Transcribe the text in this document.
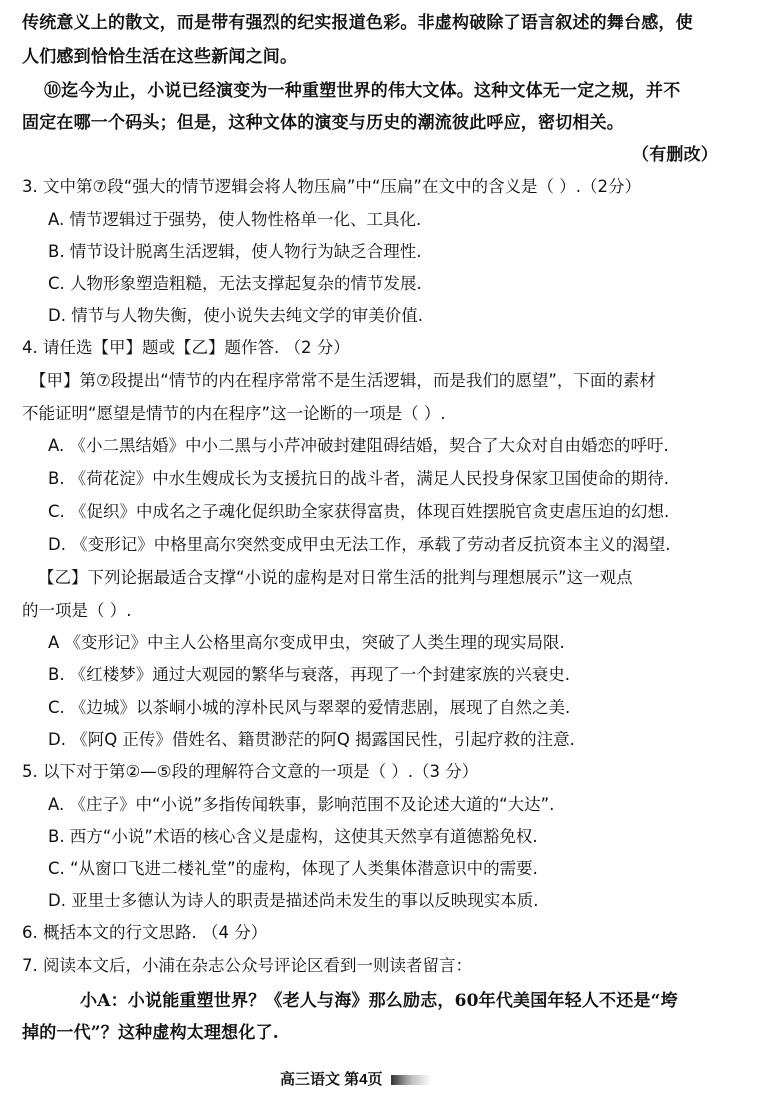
传统意义上的散文，而是带有强烈的纪实报道色彩。非虚构破除了语言叙述的舞台感，使
人们感到恰恰生活在这些新闻之间。
⑩迄今为止，小说已经演变为一种重塑世界的伟大文体。这种文体无一定之规，并不
固定在哪一个码头；但是，这种文体的演变与历史的潮流彼此呼应，密切相关。
（有删改）
3. 文中第⑦段“强大的情节逻辑会将人物压扁”中“压扁”在文中的含义是（ ）.（2分）
A. 情节逻辑过于强势，使人物性格单一化、工具化.
B. 情节设计脱离生活逻辑，使人物行为缺乏合理性.
C. 人物形象塑造粗糙，无法支撑起复杂的情节发展.
D. 情节与人物失衡，使小说失去纯文学的审美价值.
4. 请任选【甲】题或【乙】题作答. （2 分）
【甲】第⑦段提出“情节的内在程序常常不是生活逻辑，而是我们的愿望”，下面的素材
不能证明“愿望是情节的内在程序”这一论断的一项是（ ）.
A. 《小二黑结婚》中小二黑与小芹冲破封建阻碍结婚，契合了大众对自由婚恋的呼吁.
B. 《荷花淀》中水生嫂成长为支援抗日的战斗者，满足人民投身保家卫国使命的期待.
C. 《促织》中成名之子魂化促织助全家获得富贵，体现百姓摆脱官贪吏虐压迫的幻想.
D. 《变形记》中格里高尔突然变成甲虫无法工作，承载了劳动者反抗资本主义的渴望.
【乙】下列论据最适合支撑“小说的虚构是对日常生活的批判与理想展示”这一观点
的一项是（ ）.
A 《变形记》中主人公格里高尔变成甲虫，突破了人类生理的现实局限.
B. 《红楼梦》通过大观园的繁华与衰落，再现了一个封建家族的兴衰史.
C. 《边城》以茶峒小城的淳朴民风与翠翠的爱情悲剧，展现了自然之美.
D. 《阿Q 正传》借姓名、籍贯渺茫的阿Q 揭露国民性，引起疗救的注意.
5. 以下对于第②—⑤段的理解符合文意的一项是（ ）.（3 分）
A. 《庄子》中“小说”多指传闻轶事，影响范围不及论述大道的“大达”.
B. 西方“小说”术语的核心含义是虚构，这使其天然享有道德豁免权.
C. “从窗口飞进二楼礼堂”的虚构，体现了人类集体潜意识中的需要.
D. 亚里士多德认为诗人的职责是描述尚未发生的事以反映现实本质.
6. 概括本文的行文思路. （4 分）
7. 阅读本文后，小浦在杂志公众号评论区看到一则读者留言：
小A：小说能重塑世界？《老人与海》那么励志，60年代美国年轻人不还是“垮
掉的一代”？这种虚构太理想化了.
高三语文 第4页
